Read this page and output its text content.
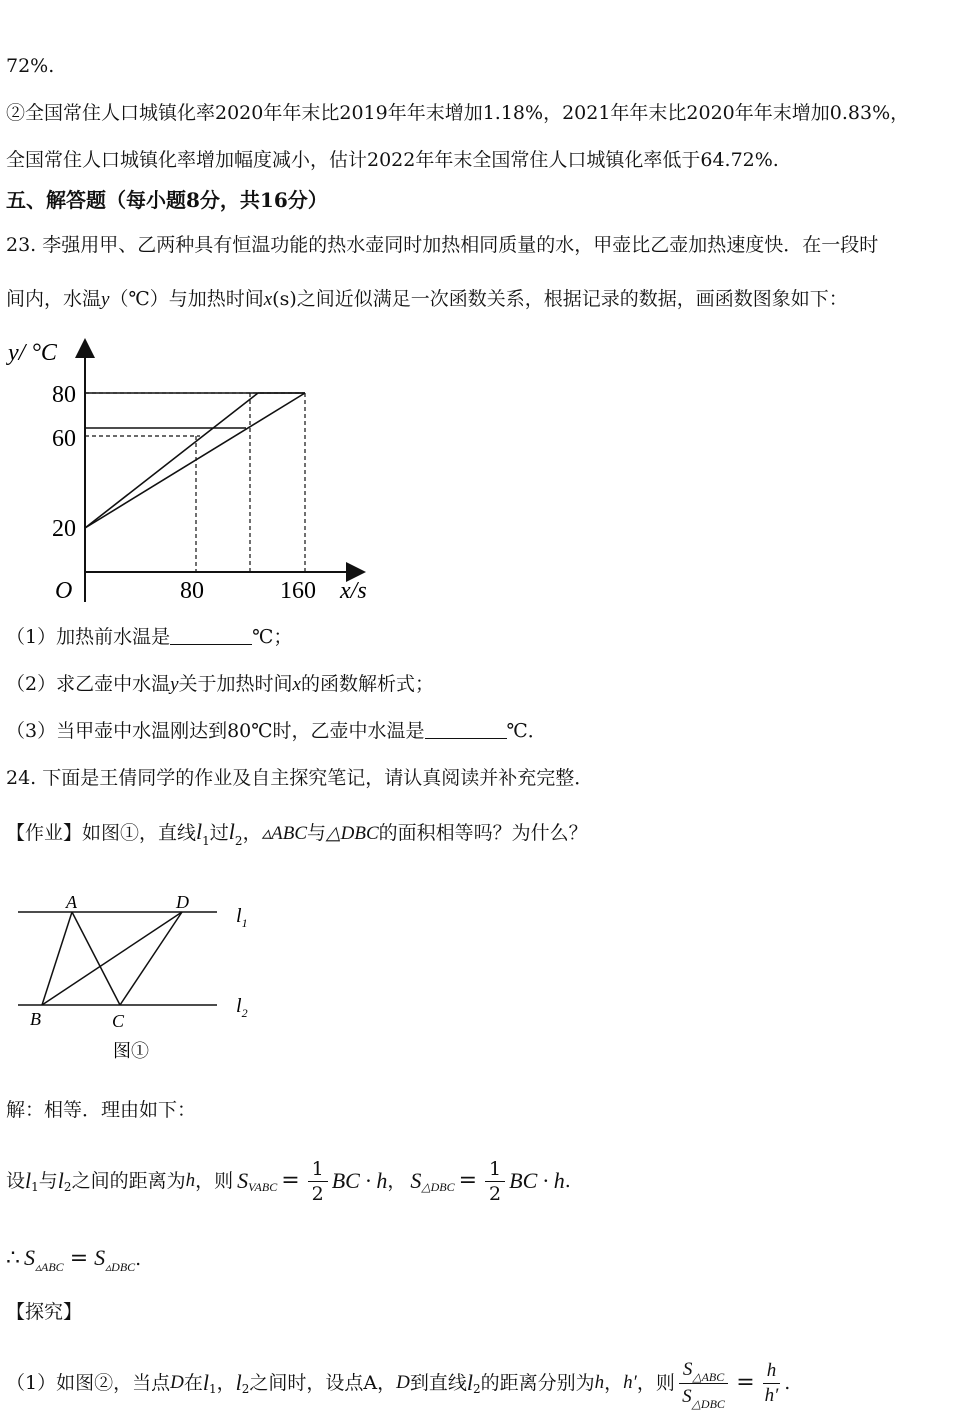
72%.
②全国常住人口城镇化率2020年年末比2019年年末增加1.18%，2021年年末比2020年年末增加0.83%，
全国常住人口城镇化率增加幅度减小，估计2022年年末全国常住人口城镇化率低于64.72%.
五、解答题（每小题8分，共16分）
23. 李强用甲、乙两种具有恒温功能的热水壶同时加热相同质量的水，甲壶比乙壶加热速度快．在一段时
间内，水温y（℃）与加热时间x(s)之间近似满足一次函数关系，根据记录的数据，画函数图象如下：
y/ °C
80
60
20
O	80	160 x/s
（1）加热前水温是	℃；
（2）求乙壶中水温y关于加热时间x的函数解析式；
（3）当甲壶中水温刚达到80℃时，乙壶中水温是	℃．
24. 下面是王倩同学的作业及自主探究笔记，请认真阅读并补充完整．
【作业】如图①，直线$l_1$过$l_2$，▵ABC与△DBC的面积相等吗？为什么？
A	D
B	C
$l_1$
$l_2$
图①
解：相等．理由如下：
设 l 1 与 l 2 之间的距离为 h ，则 S VABC = $\frac{1}{2}$ BC · h ， S △DBC = $\frac{1}{2}$ BC · h .
∴ $S_{▵ABC} = S_{▵DBC}$.
【探究】
（1）如图②，当点 D 在 l 1 ， l 2 之间时，设点A， D 到直线 l 2 的距离分别为 h ， h′ ，则 $\frac{S_{\triangle ABC}}{S_{\triangle DBC}} = \frac{h}{h'}$ .
